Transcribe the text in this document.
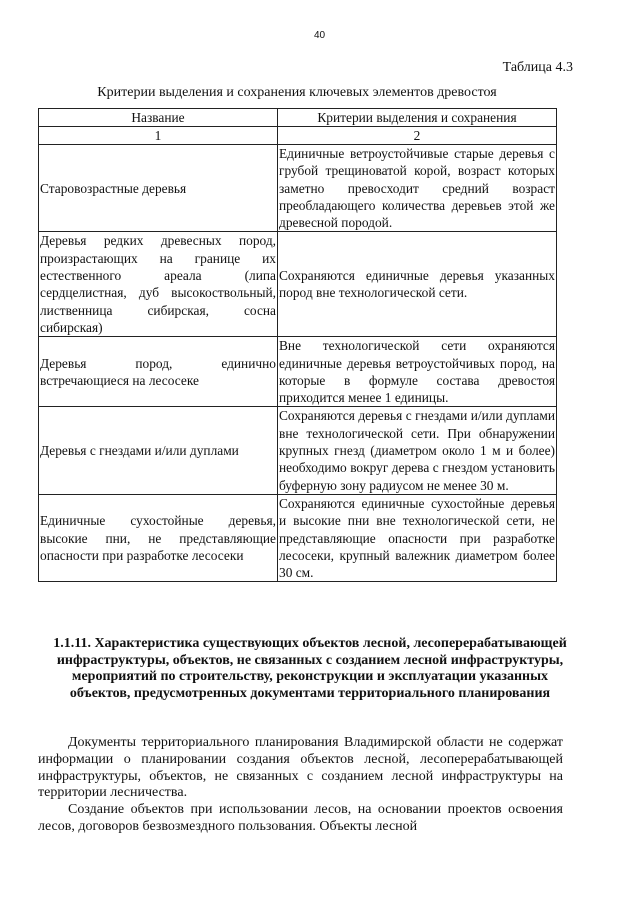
40
Таблица 4.3
Критерии выделения и сохранения ключевых элементов древостоя
Название	Критерии выделения и сохранения
1	2
Старовозрастные деревья	Единичные ветроустойчивые старые деревья с грубой трещиноватой корой, возраст которых заметно превосходит средний возраст преобладающего количества деревьев этой же древесной породой.
Деревья редких древесных пород, произрастающих на границе их естественного ареала (липа сердцелистная, дуб высокоствольный, лиственница сибирская, сосна сибирская)	Сохраняются единичные деревья указанных пород вне технологической сети.
Деревья пород, единично встречающиеся на лесосеке	Вне технологической сети охраняются единичные деревья ветроустойчивых пород, на которые в формуле состава древостоя приходится менее 1 единицы.
Деревья с гнездами и/или дуплами	Сохраняются деревья с гнездами и/или дуплами вне технологической сети. При обнаружении крупных гнезд (диаметром около 1 м и более) необходимо вокруг дерева с гнездом установить буферную зону радиусом не менее 30 м.
Единичные сухостойные деревья, высокие пни, не представляющие опасности при разработке лесосеки	Сохраняются единичные сухостойные деревья и высокие пни вне технологической сети, не представляющие опасности при разработке лесосеки, крупный валежник диаметром более 30 см.
1.1.11. Характеристика существующих объектов лесной, лесоперерабатывающей инфраструктуры, объектов, не связанных с созданием лесной инфраструктуры, мероприятий по строительству, реконструкции и эксплуатации указанных объектов, предусмотренных документами территориального планирования

Документы территориального планирования Владимирской области не содержат информации о планировании создания объектов лесной, лесоперерабатывающей инфраструктуры, объектов, не связанных с созданием лесной инфраструктуры на территории лесничества.

Создание объектов при использовании лесов, на основании проектов освоения лесов, договоров безвозмездного пользования. Объекты лесной
